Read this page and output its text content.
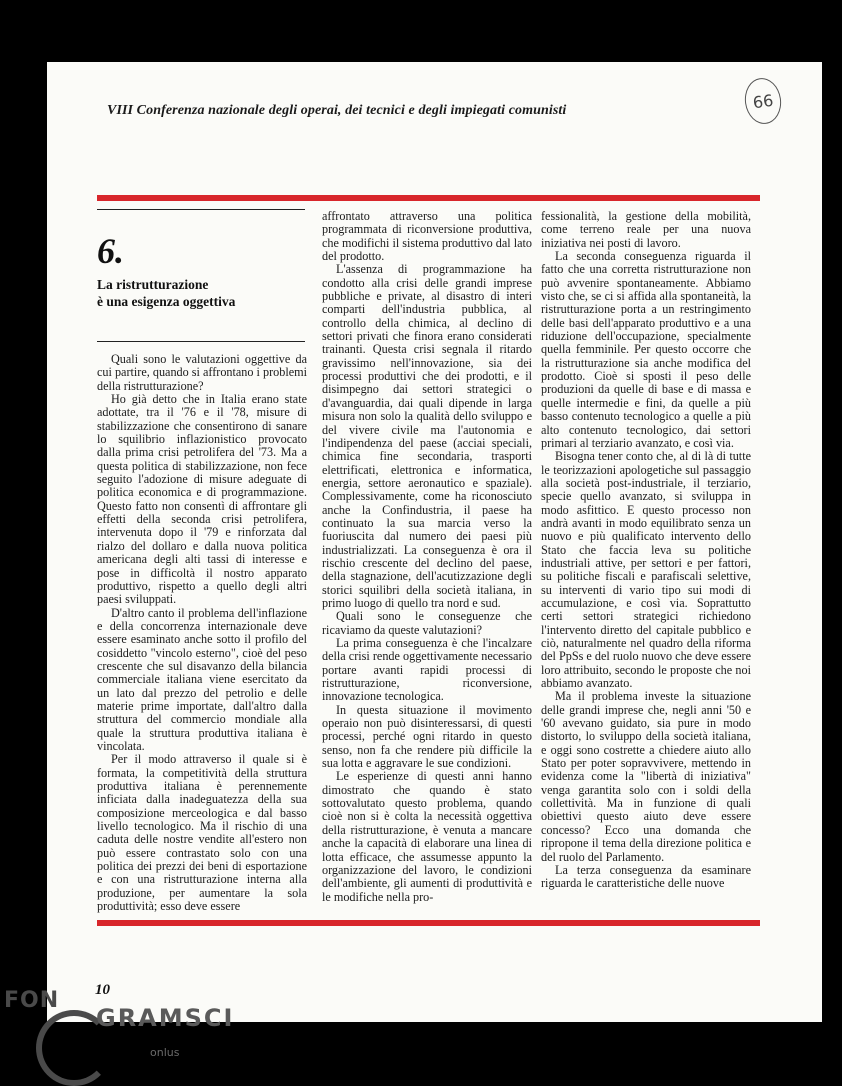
VIII Conferenza nazionale degli operai, dei tecnici e degli impiegati comunisti	66
6.
La ristrutturazione
è una esigenza oggettiva

Quali sono le valutazioni oggettive da cui partire, quando si affrontano i problemi della ristrutturazione?

Ho già detto che in Italia erano state adottate, tra il '76 e il '78, misure di stabilizzazione che consentirono di sanare lo squilibrio inflazionistico provocato dalla prima crisi petrolifera del '73. Ma a questa politica di stabilizzazione, non fece seguito l'adozione di misure adeguate di politica economica e di programmazione. Questo fatto non consentì di affrontare gli effetti della seconda crisi petrolifera, intervenuta dopo il '79 e rinforzata dal rialzo del dollaro e dalla nuova politica americana degli alti tassi di interesse e pose in difficoltà il nostro apparato produttivo, rispetto a quello degli altri paesi sviluppati.

D'altro canto il problema dell'inflazione e della concorrenza internazionale deve essere esaminato anche sotto il profilo del cosiddetto "vincolo esterno", cioè del peso crescente che sul disavanzo della bilancia commerciale italiana viene esercitato da un lato dal prezzo del petrolio e delle materie prime importate, dall'altro dalla struttura del commercio mondiale alla quale la struttura produttiva italiana è vincolata.

Per il modo attraverso il quale si è formata, la competitività della struttura produttiva italiana è perennemente inficiata dalla inadeguatezza della sua composizione merceologica e dal basso livello tecnologico. Ma il rischio di una caduta delle nostre vendite all'estero non può essere contrastato solo con una politica dei prezzi dei beni di esportazione e con una ristrutturazione interna alla produzione, per aumentare la sola produttività; esso deve essere

affrontato attraverso una politica programmata di riconversione produttiva, che modifichi il sistema produttivo dal lato del prodotto.

L'assenza di programmazione ha condotto alla crisi delle grandi imprese pubbliche e private, al disastro di interi comparti dell'industria pubblica, al controllo della chimica, al declino di settori privati che finora erano considerati trainanti. Questa crisi segnala il ritardo gravissimo nell'innovazione, sia dei processi produttivi che dei prodotti, e il disimpegno dai settori strategici o d'avanguardia, dai quali dipende in larga misura non solo la qualità dello sviluppo e del vivere civile ma l'autonomia e l'indipendenza del paese (acciai speciali, chimica fine secondaria, trasporti elettrificati, elettronica e informatica, energia, settore aeronautico e spaziale). Complessivamente, come ha riconosciuto anche la Confindustria, il paese ha continuato la sua marcia verso la fuoriuscita dal numero dei paesi più industrializzati. La conseguenza è ora il rischio crescente del declino del paese, della stagnazione, dell'acutizzazione degli storici squilibri della società italiana, in primo luogo di quello tra nord e sud.

Quali sono le conseguenze che ricaviamo da queste valutazioni?

La prima conseguenza è che l'incalzare della crisi rende oggettivamente necessario portare avanti rapidi processi di ristrutturazione, riconversione, innovazione tecnologica.

In questa situazione il movimento operaio non può disinteressarsi, di questi processi, perché ogni ritardo in questo senso, non fa che rendere più difficile la sua lotta e aggravare le sue condizioni.

Le esperienze di questi anni hanno dimostrato che quando è stato sottovalutato questo problema, quando cioè non si è colta la necessità oggettiva della ristrutturazione, è venuta a mancare anche la capacità di elaborare una linea di lotta efficace, che assumesse appunto la organizzazione del lavoro, le condizioni dell'ambiente, gli aumenti di produttività e le modifiche nella pro-

fessionalità, la gestione della mobilità, come terreno reale per una nuova iniziativa nei posti di lavoro.

La seconda conseguenza riguarda il fatto che una corretta ristrutturazione non può avvenire spontaneamente. Abbiamo visto che, se ci si affida alla spontaneità, la ristrutturazione porta a un restringimento delle basi dell'apparato produttivo e a una riduzione dell'occupazione, specialmente quella femminile. Per questo occorre che la ristrutturazione sia anche modifica del prodotto. Cioè si sposti il peso delle produzioni da quelle di base e di massa e quelle intermedie e fini, da quelle a più basso contenuto tecnologico a quelle a più alto contenuto tecnologico, dai settori primari al terziario avanzato, e così via.

Bisogna tener conto che, al di là di tutte le teorizzazioni apologetiche sul passaggio alla società post-industriale, il terziario, specie quello avanzato, si sviluppa in modo asfittico. E questo processo non andrà avanti in modo equilibrato senza un nuovo e più qualificato intervento dello Stato che faccia leva su politiche industriali attive, per settori e per fattori, su politiche fiscali e parafiscali selettive, su interventi di vario tipo sui modi di accumulazione, e così via. Soprattutto certi settori strategici richiedono l'intervento diretto del capitale pubblico e ciò, naturalmente nel quadro della riforma del PpSs e del ruolo nuovo che deve essere loro attribuito, secondo le proposte che noi abbiamo avanzato.

Ma il problema investe la situazione delle grandi imprese che, negli anni '50 e '60 avevano guidato, sia pure in modo distorto, lo sviluppo della società italiana, e oggi sono costrette a chiedere aiuto allo Stato per poter sopravvivere, mettendo in evidenza come la "libertà di iniziativa" venga garantita solo con i soldi della collettività. Ma in funzione di quali obiettivi questo aiuto deve essere concesso? Ecco una domanda che ripropone il tema della direzione politica e del ruolo del Parlamento.

La terza conseguenza da esaminare riguarda le caratteristiche delle nuove

10
FON
GRAMSCI
onlus
